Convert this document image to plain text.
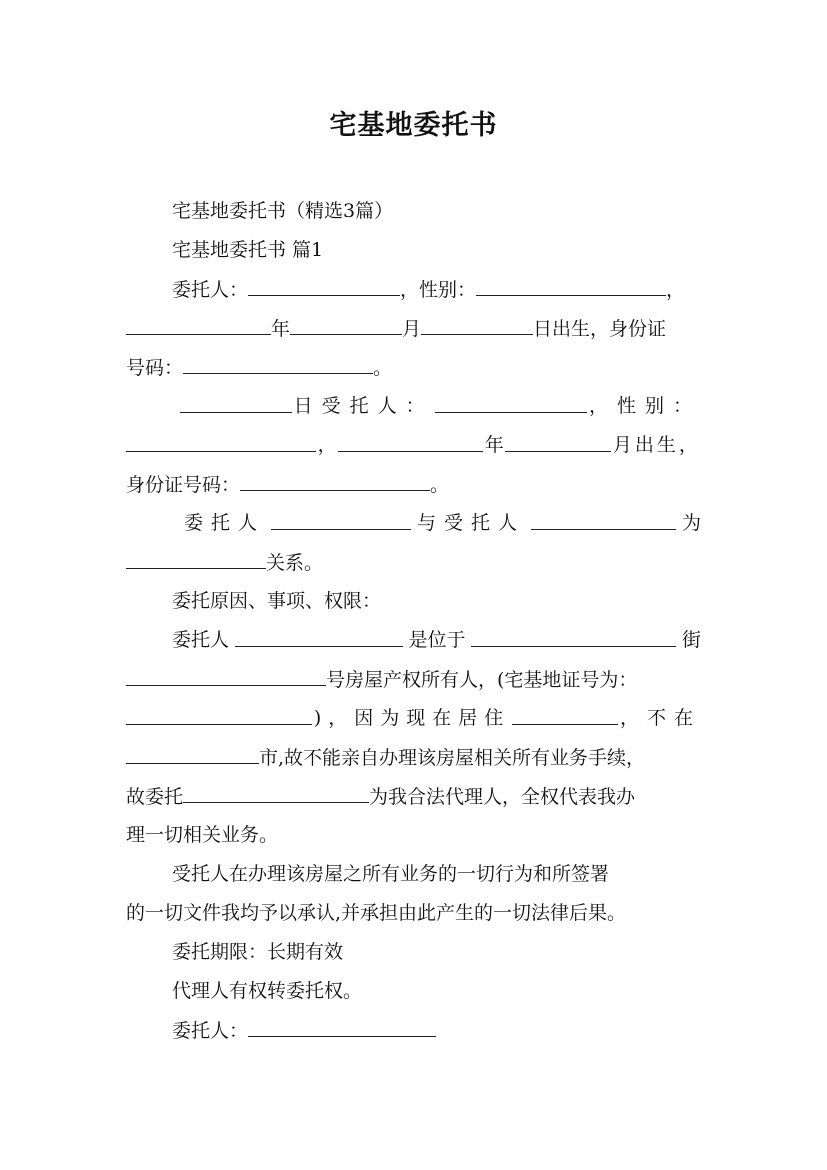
宅基地委托书
宅基地委托书（精选3篇）
宅基地委托书 篇1
委托人：	，性别：	，
年	月	日出生，身份证
号码：	。
日受托人：	，性别：
，	年	月出生，
身份证号码：	。
委托人	与受托人	为
关系。
委托原因、事项、权限：
委托人	是位于	街
号房屋产权所有人，(宅基地证号为：
)，因为现在居住	，不在
市,故不能亲自办理该房屋相关所有业务手续，
故委托	为我合法代理人，全权代表我办
理一切相关业务。
受托人在办理该房屋之所有业务的一切行为和所签署
的一切文件我均予以承认,并承担由此产生的一切法律后果。
委托期限：长期有效
代理人有权转委托权。
委托人：
